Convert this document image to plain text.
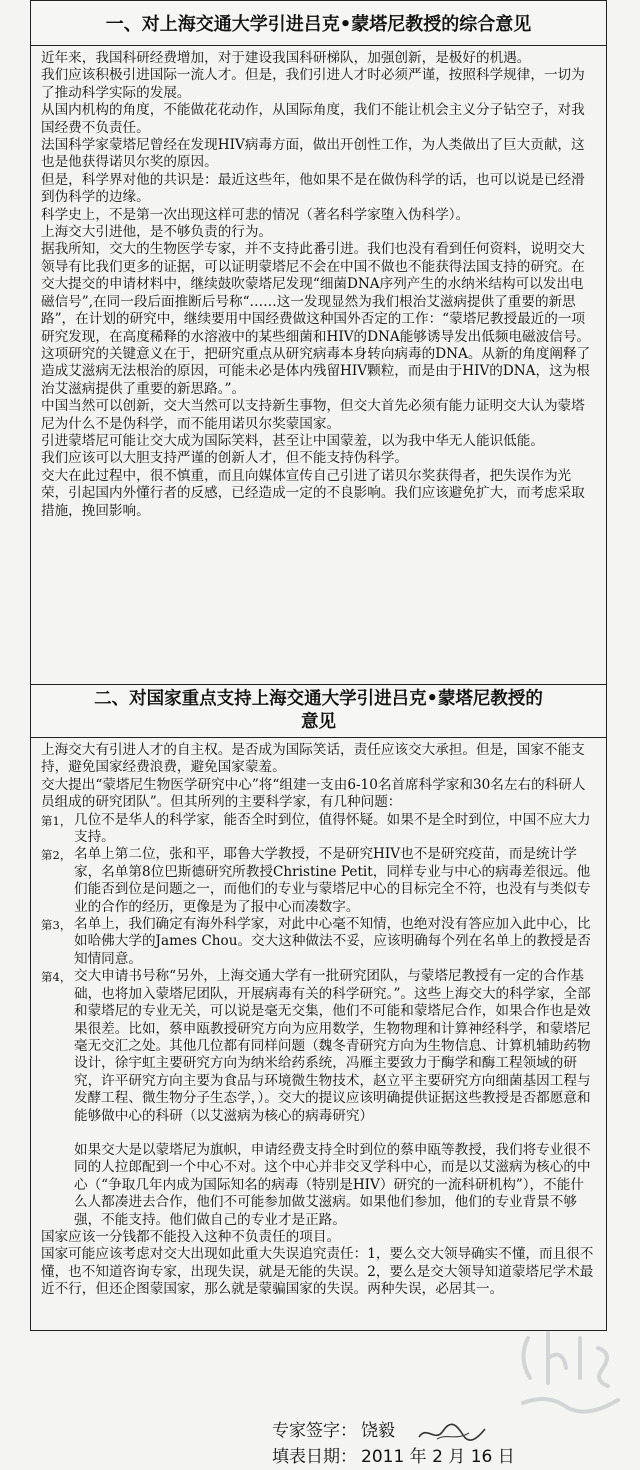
一、对上海交通大学引进吕克•蒙塔尼教授的综合意见

近年来，我国科研经费增加，对于建设我国科研梯队，加强创新，是极好的机遇。

我们应该积极引进国际一流人才。但是，我们引进人才时必须严谨，按照科学规律，一切为了推动科学实际的发展。

从国内机构的角度，不能做花花动作，从国际角度，我们不能让机会主义分子钻空子，对我国经费不负责任。

法国科学家蒙塔尼曾经在发现HIV病毒方面，做出开创性工作，为人类做出了巨大贡献，这也是他获得诺贝尔奖的原因。

但是，科学界对他的共识是：最近这些年，他如果不是在做伪科学的话，也可以说是已经滑到伪科学的边缘。

科学史上，不是第一次出现这样可悲的情况（著名科学家堕入伪科学）。

上海交大引进他，是不够负责的行为。

据我所知，交大的生物医学专家，并不支持此番引进。我们也没有看到任何资料，说明交大领导有比我们更多的证据，可以证明蒙塔尼不会在中国不做也不能获得法国支持的研究。在交大提交的申请材料中，继续鼓吹蒙塔尼发现“细菌DNA序列产生的水纳米结构可以发出电磁信号”,在同一段后面推断后号称“……这一发现显然为我们根治艾滋病提供了重要的新思路”，在计划的研究中，继续要用中国经费做这种国外否定的工作：“蒙塔尼教授最近的一项研究发现，在高度稀释的水溶液中的某些细菌和HIV的DNA能够诱导发出低频电磁波信号。这项研究的关键意义在于，把研究重点从研究病毒本身转向病毒的DNA。从新的角度阐释了造成艾滋病无法根治的原因，可能未必是体内残留HIV颗粒，而是由于HIV的DNA，这为根治艾滋病提供了重要的新思路。”。

中国当然可以创新，交大当然可以支持新生事物，但交大首先必须有能力证明交大认为蒙塔尼为什么不是伪科学，而不能用诺贝尔奖蒙国家。

引进蒙塔尼可能让交大成为国际笑料，甚至让中国蒙羞，以为我中华无人能识低能。

我们应该可以大胆支持严谨的创新人才，但不能支持伪科学。

交大在此过程中，很不慎重，而且向媒体宣传自己引进了诺贝尔奖获得者，把失误作为光荣，引起国内外懂行者的反感，已经造成一定的不良影响。我们应该避免扩大，而考虑采取措施，挽回影响。

二、对国家重点支持上海交通大学引进吕克•蒙塔尼教授的
意见

上海交大有引进人才的自主权。是否成为国际笑话，责任应该交大承担。但是，国家不能支持，避免国家经费浪费，避免国家蒙羞。

交大提出“蒙塔尼生物医学研究中心”将“组建一支由6-10名首席科学家和30名左右的科研人员组成的研究团队”。但其所列的主要科学家，有几种问题：

第1， 几位不是华人的科学家，能否全时到位，值得怀疑。如果不是全时到位，中国不应大力支持。
第2， 名单上第二位，张和平，耶鲁大学教授，不是研究HIV也不是研究疫苗，而是统计学家，名单第8位巴斯德研究所教授Christine Petit，同样专业与中心的病毒差很远。他们能否到位是问题之一，而他们的专业与蒙塔尼中心的目标完全不符，也没有与类似专业的合作的经历，更像是为了报中心而凑数字。
第3， 名单上，我们确定有海外科学家，对此中心毫不知情，也绝对没有答应加入此中心，比如哈佛大学的James Chou。交大这种做法不妥，应该明确每个列在名单上的教授是否知情同意。
第4， 交大申请书号称“另外，上海交通大学有一批研究团队，与蒙塔尼教授有一定的合作基础，也将加入蒙塔尼团队，开展病毒有关的科学研究。”。这些上海交大的科学家，全部和蒙塔尼的专业无关，可以说是毫无交集，他们不可能和蒙塔尼合作，如果合作也是效果很差。比如，蔡申瓯教授研究方向为应用数学，生物物理和计算神经科学，和蒙塔尼毫无交汇之处。其他几位都有同样问题（魏冬青研究方向为生物信息、计算机辅助药物设计，徐宇虹主要研究方向为纳米给药系统，冯雁主要致力于酶学和酶工程领域的研究，许平研究方向主要为食品与环境微生物技术，赵立平主要研究方向细菌基因工程与发酵工程、微生物分子生态学，）。交大的提议应该明确提供证据这些教授是否都愿意和能够做中心的科研（以艾滋病为核心的病毒研究）

如果交大是以蒙塔尼为旗帜，申请经费支持全时到位的蔡申瓯等教授，我们将专业很不同的人拉郎配到一个中心不对。这个中心并非交叉学科中心，而是以艾滋病为核心的中心（“争取几年内成为国际知名的病毒（特别是HIV）研究的一流科研机构”），不能什么人都凑进去合作，他们不可能参加做艾滋病。如果他们参加，他们的专业背景不够强，不能支持。他们做自己的专业才是正路。

国家应该一分钱都不能投入这种不负责任的项目。

国家可能应该考虑对交大出现如此重大失误追究责任：1，要么交大领导确实不懂，而且很不懂，也不知道咨询专家，出现失误，就是无能的失误。2，要么是交大领导知道蒙塔尼学术最近不行，但还企图蒙国家，那么就是蒙骗国家的失误。两种失误，必居其一。

专家签字： 饶毅
填表日期： 2011 年 2 月 16 日
